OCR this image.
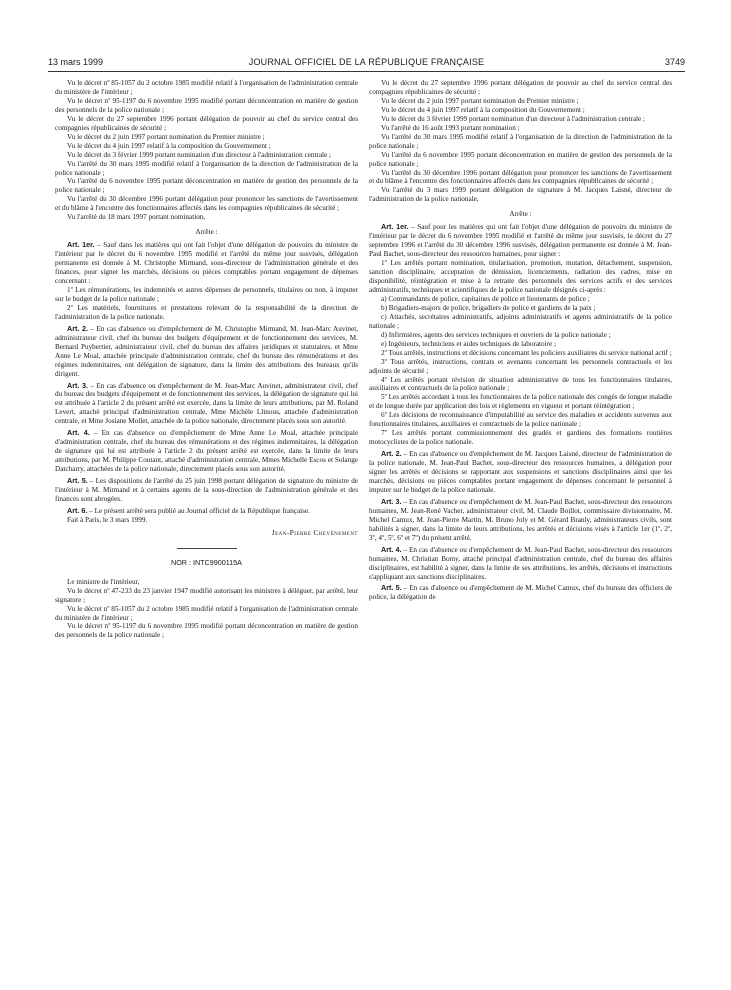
13 mars 1999	JOURNAL OFFICIEL DE LA RÉPUBLIQUE FRANÇAISE	3749

Vu le décret nº 85-1057 du 2 octobre 1985 modifié relatif à l'organisation de l'administration centrale du ministère de l'intérieur ;

Vu le décret nº 95-1197 du 6 novembre 1995 modifié portant déconcentration en matière de gestion des personnels de la police nationale ;

Vu le décret du 27 septembre 1996 portant délégation de pouvoir au chef du service central des compagnies républicaines de sécurité ;

Vu le décret du 2 juin 1997 portant nomination du Premier ministre ;

Vu le décret du 4 juin 1997 relatif à la composition du Gouvernement ;

Vu le décret du 3 février 1999 portant nomination d'un directeur à l'administration centrale ;

Vu l'arrêté du 30 mars 1995 modifié relatif à l'organisation de la direction de l'administration de la police nationale ;

Vu l'arrêté du 6 novembre 1995 portant déconcentration en matière de gestion des personnels de la police nationale ;

Vu l'arrêté du 30 décembre 1996 portant délégation pour prononcer les sanctions de l'avertissement et du blâme à l'encontre des fonctionnaires affectés dans les compagnies républicaines de sécurité ;

Vu l'arrêté du 18 mars 1997 portant nomination,

Arrête :

Art. 1er. – Sauf dans les matières qui ont fait l'objet d'une délégation de pouvoirs du ministre de l'intérieur par le décret du 6 novembre 1995 modifié et l'arrêté du même jour susvisés, délégation permanente est donnée à M. Christophe Mirmand, sous-directeur de l'administration générale et des finances, pour signer les marchés, décisions ou pièces comptables portant engagement de dépenses concernant :

1º Les rémunérations, les indemnités et autres dépenses de personnels, titulaires ou non, à imputer sur le budget de la police nationale ;

2º Les matériels, fournitures et prestations relevant de la responsabilité de la direction de l'administration de la police nationale.

Art. 2. – En cas d'absence ou d'empêchement de M. Christophe Mirmand, M. Jean-Marc Auvinet, administrateur civil, chef du bureau des budgets d'équipement et de fonctionnement des services, M. Bernard Puybertier, administrateur civil, chef du bureau des affaires juridiques et statutaires, et Mme Anne Le Moal, attachée principale d'administration centrale, chef du bureau des rémunérations et des régimes indemnitaires, ont délégation de signature, dans la limite des attributions des bureaux qu'ils dirigent.

Art. 3. – En cas d'absence ou d'empêchement de M. Jean-Marc Auvinet, administrateur civil, chef du bureau des budgets d'équipement et de fonctionnement des services, la délégation de signature qui lui est attribuée à l'article 2 du présent arrêté est exercée, dans la limite de leurs attributions, par M. Roland Levert, attaché principal d'administration centrale, Mme Michèle Llinous, attachée d'administration centrale, et Mme Josiane Mollet, attachée de la police nationale, directement placés sous son autorité.

Art. 4. – En cas d'absence ou d'empêchement de Mme Anne Le Moal, attachée principale d'administration centrale, chef du bureau des rémunérations et des régimes indemnitaires, la délégation de signature qui lui est attribuée à l'article 2 du présent arrêté est exercée, dans la limite de leurs attributions, par M. Philippe Coutant, attaché d'administration centrale, Mmes Michelle Escos et Solange Datcharry, attachées de la police nationale, directement placés sous son autorité.

Art. 5. – Les dispositions de l'arrêté du 25 juin 1998 portant délégation de signature du ministre de l'intérieur à M. Mirmand et à certains agents de la sous-direction de l'administration générale et des finances sont abrogées.

Art. 6. – Le présent arrêté sera publié au Journal officiel de la République française.

Fait à Paris, le 3 mars 1999.

Jean-Pierre Chevènement

NOR : INTC9900115A

Le ministre de l'intérieur,

Vu le décret nº 47-233 du 23 janvier 1947 modifié autorisant les ministres à déléguer, par arrêté, leur signature ;

Vu le décret nº 85-1057 du 2 octobre 1985 modifié relatif à l'organisation de l'administration centrale du ministère de l'intérieur ;

Vu le décret nº 95-1197 du 6 novembre 1995 modifié portant déconcentration en matière de gestion des personnels de la police nationale ;

Vu le décret du 27 septembre 1996 portant délégation de pouvoir au chef du service central des compagnies républicaines de sécurité ;

Vu le décret du 2 juin 1997 portant nomination du Premier ministre ;

Vu le décret du 4 juin 1997 relatif à la composition du Gouvernement ;

Vu le décret du 3 février 1999 portant nomination d'un directeur à l'administration centrale ;

Vu l'arrêté du 16 août 1993 portant nomination ;

Vu l'arrêté du 30 mars 1995 modifié relatif à l'organisation de la direction de l'administration de la police nationale ;

Vu l'arrêté du 6 novembre 1995 portant déconcentration en matière de gestion des personnels de la police nationale ;

Vu l'arrêté du 30 décembre 1996 portant délégation pour prononcer les sanctions de l'avertissement et du blâme à l'encontre des fonctionnaires affectés dans les compagnies républicaines de sécurité ;

Vu l'arrêté du 3 mars 1999 portant délégation de signature à M. Jacques Laisné, directeur de l'administration de la police nationale,

Arrête :

Art. 1er. – Sauf pour les matières qui ont fait l'objet d'une délégation de pouvoirs du ministre de l'intérieur par le décret du 6 novembre 1995 modifié et l'arrêté du même jour susvisés, le décret du 27 septembre 1996 et l'arrêté du 30 décembre 1996 susvisés, délégation permanente est donnée à M. Jean-Paul Bachet, sous-directeur des ressources humaines, pour signer :

1º Les arrêtés portant nomination, titularisation, promotion, mutation, détachement, suspension, sanction disciplinaire, acceptation de démission, licenciements, radiation des cadres, mise en disponibilité, réintégration et mise à la retraite des personnels des services actifs et des services administratifs, techniques et scientifiques de la police nationale désignés ci-après :

a) Commandants de police, capitaines de police et lieutenants de police ;

b) Brigadiers-majors de police, brigadiers de police et gardiens de la paix ;

c) Attachés, secrétaires administratifs, adjoints administratifs et agents administratifs de la police nationale ;

d) Infirmières, agents des services techniques et ouvriers de la police nationale ;

e) Ingénieurs, techniciens et aides techniques de laboratoire ;

2º Tous arrêtés, instructions et décisions concernant les policiers auxiliaires du service national actif ;

3º Tous arrêtés, instructions, contrats et avenants concernant les personnels contractuels et les adjoints de sécurité ;

4º Les arrêtés portant révision de situation administrative de tous les fonctionnaires titulaires, auxiliaires et contractuels de la police nationale ;

5º Les arrêtés accordant à tous les fonctionnaires de la police nationale des congés de longue maladie et de longue durée par application des lois et règlements en vigueur et portant réintégration ;

6º Les décisions de reconnaissance d'imputabilité au service des maladies et accidents survenus aux fonctionnaires titulaires, auxiliaires et contractuels de la police nationale ;

7º Les arrêtés portant commissionnement des gradés et gardiens des formations routières motocyclistes de la police nationale.

Art. 2. – En cas d'absence ou d'empêchement de M. Jacques Laisné, directeur de l'administration de la police nationale, M. Jean-Paul Bachet, sous-directeur des ressources humaines, a délégation pour signer les arrêtés et décisions se rapportant aux suspensions et sanctions disciplinaires ainsi que les marchés, décisions ou pièces comptables portant engagement de dépenses concernant le personnel à imputer sur le budget de la police nationale.

Art. 3. – En cas d'absence ou d'empêchement de M. Jean-Paul Bachet, sous-directeur des ressources humaines, M. Jean-René Vacher, administrateur civil, M. Claude Boillot, commissaire divisionnaire, M. Michel Camux, M. Jean-Pierre Martin, M. Bruno Joly et M. Gérard Branly, administrateurs civils, sont habilités à signer, dans la limite de leurs attributions, les arrêtés et décisions visés à l'article 1er (1º, 2º, 3º, 4º, 5º, 6º et 7º) du présent arrêté.

Art. 4. – En cas d'absence ou d'empêchement de M. Jean-Paul Bachet, sous-directeur des ressources humaines, M. Christian Bomy, attaché principal d'administration centrale, chef du bureau des affaires disciplinaires, est habilité à signer, dans la limite de ses attributions, les arrêtés, décisions et instructions s'appliquant aux sanctions disciplinaires.

Art. 5. – En cas d'absence ou d'empêchement de M. Michel Camux, chef du bureau des officiers de police, la délégation de
